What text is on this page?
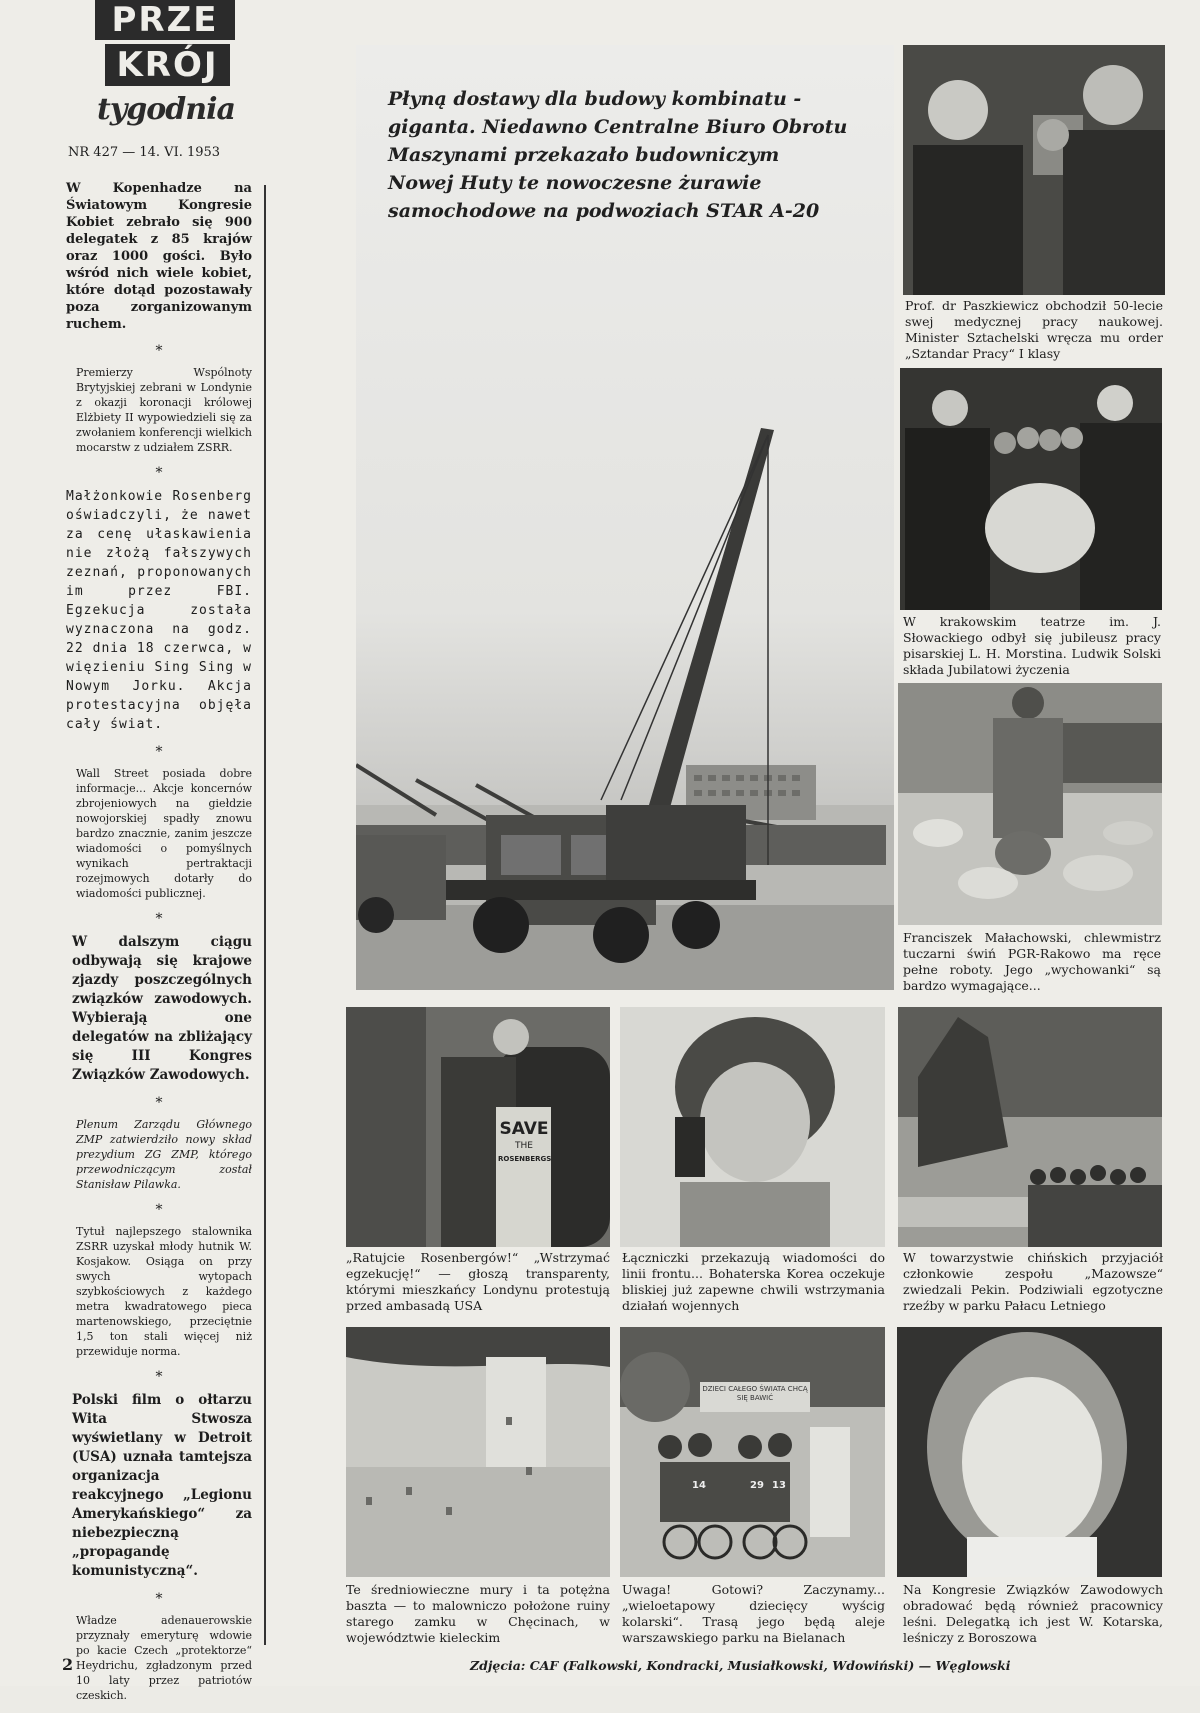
PRZE
KRÓJ
tygodnia
NR 427 — 14. VI. 1953
W Kopenhadze na Światowym Kongresie Kobiet zebrało się 900 delegatek z 85 krajów oraz 1000 gości. Było wśród nich wiele kobiet, które dotąd pozostawały poza zorganizowanym ruchem.
*
Premierzy Wspólnoty Brytyjskiej zebrani w Londynie z okazji koronacji królowej Elżbiety II wypowiedzieli się za zwołaniem konferencji wielkich mocarstw z udziałem ZSRR.
*
Małżonkowie Rosenberg oświadczyli, że nawet za cenę ułaskawienia nie złożą fałszywych zeznań, proponowanych im przez FBI. Egzekucja została wyznaczona na godz. 22 dnia 18 czerwca, w więzieniu Sing Sing w Nowym Jorku. Akcja protestacyjna objęła cały świat.
*
Wall Street posiada dobre informacje... Akcje koncernów zbrojeniowych na giełdzie nowojorskiej spadły znowu bardzo znacznie, zanim jeszcze wiadomości o pomyślnych wynikach pertraktacji rozejmowych dotarły do wiadomości publicznej.
*
W dalszym ciągu odbywają się krajowe zjazdy poszczególnych związków zawodowych. Wybierają one delegatów na zbliżający się III Kongres Związków Zawodowych.
*
Plenum Zarządu Głównego ZMP zatwierdziło nowy skład prezydium ZG ZMP, którego przewodniczącym został Stanisław Pilawka.
*
Tytuł najlepszego stalownika ZSRR uzyskał młody hutnik W. Kosjakow. Osiąga on przy swych wytopach szybkościowych z każdego metra kwadratowego pieca martenowskiego, przeciętnie 1,5 ton stali więcej niż przewiduje norma.
*
Polski film o ołtarzu Wita Stwosza wyświetlany w Detroit (USA) uznała tamtejsza organizacja reakcyjnego „Legionu Amerykańskiego“ za niebezpieczną „propagandę komunistyczną“.
*
Władze adenauerowskie przyznały emeryturę wdowie po kacie Czech „protektorze“ Heydrichu, zgładzonym przed 10 laty przez patriotów czeskich.
Płyną dostawy dla budowy kombinatu - giganta. Niedawno Centralne Biuro Obrotu Maszynami przekazało budowniczym Nowej Huty te nowoczesne żurawie samochodowe na podwoziach STAR A-20
Prof. dr Paszkiewicz obchodził 50-lecie swej medycznej pracy naukowej. Minister Sztachelski wręcza mu order „Sztandar Pracy“ I klasy
W krakowskim teatrze im. J. Słowackiego odbył się jubileusz pracy pisarskiej L. H. Morstina. Ludwik Solski składa Jubilatowi życzenia
Franciszek Małachowski, chlewmistrz tuczarni świń PGR-Rakowo ma ręce pełne roboty. Jego „wychowanki“ są bardzo wymagające...
SAVE
THE
ROSENBERGS
„Ratujcie Rosenbergów!“ „Wstrzymać egzekucję!“ — głoszą transparenty, którymi mieszkańcy Londynu protestują przed ambasadą USA
Łączniczki przekazują wiadomości do linii frontu... Bohaterska Korea oczekuje bliskiej już zapewne chwili wstrzymania działań wojennych
W towarzystwie chińskich przyjaciół członkowie zespołu „Mazowsze“ zwiedzali Pekin. Podziwiali egzotyczne rzeźby w parku Pałacu Letniego
Te średniowieczne mury i ta potężna baszta — to malowniczo położone ruiny starego zamku w Chęcinach, w województwie kieleckim
DZIECI CAŁEGO ŚWIATA CHCĄ SIĘ BAWIĆ
14	29 13
Uwaga! Gotowi? Zaczynamy... „wieloetapowy dziecięcy wyścig kolarski“. Trasą jego będą aleje warszawskiego parku na Bielanach
Na Kongresie Związków Zawodowych obradować będą również pracownicy leśni. Delegatką ich jest W. Kotarska, leśniczy z Boroszowa
2	Zdjęcia: CAF (Falkowski, Kondracki, Musiałkowski, Wdowiński) — Węglowski
